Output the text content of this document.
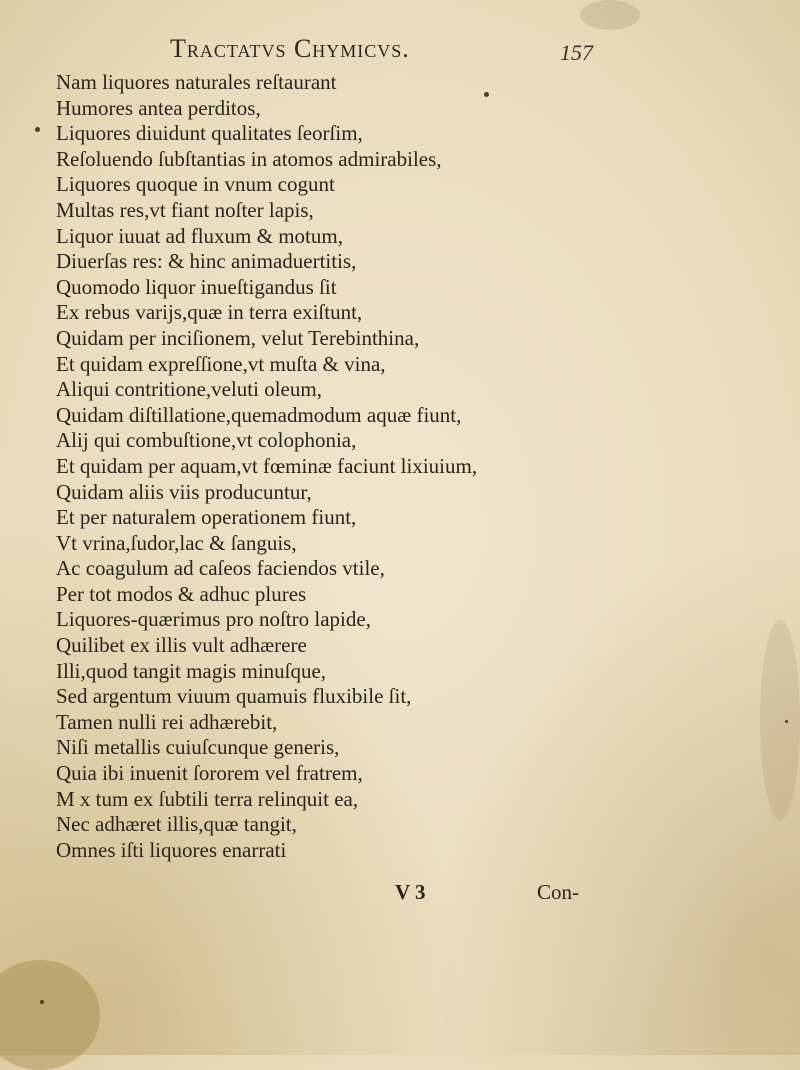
Tractatvs Chymicvs.	157
Nam liquores naturales reſtaurant
Humores antea perditos,
Liquores diuidunt qualitates ſeorſim,
Reſoluendo ſubſtantias in atomos admirabiles,
Liquores quoque in vnum cogunt
Multas res,vt fiant noſter lapis,
Liquor iuuat ad fluxum & motum,
Diuerſas res: & hinc animaduertitis,
Quomodo liquor inueſtigandus ſit
Ex rebus varijs,quæ in terra exiſtunt,
Quidam per inciſionem, velut Terebinthina,
Et quidam expreſſione,vt muſta & vina,
Aliqui contritione,veluti oleum,
Quidam diſtillatione,quemadmodum aquæ fiunt,
Alij qui combuſtione,vt colophonia,
Et quidam per aquam,vt fœminæ faciunt lixiuium,
Quidam aliis viis producuntur,
Et per naturalem operationem fiunt,
Vt vrina,ſudor,lac & ſanguis,
Ac coagulum ad caſeos faciendos vtile,
Per tot modos & adhuc plures
Liquores-quærimus pro noſtro lapide,
Quilibet ex illis vult adhærere
Illi,quod tangit magis minuſque,
Sed argentum viuum quamuis fluxibile ſit,
Tamen nulli rei adhærebit,
Niſi metallis cuiuſcunque generis,
Quia ibi inuenit ſororem vel fratrem,
M x tum ex ſubtili terra relinquit ea,
Nec adhæret illis,quæ tangit,
Omnes iſti liquores enarrati
V 3	Con-
